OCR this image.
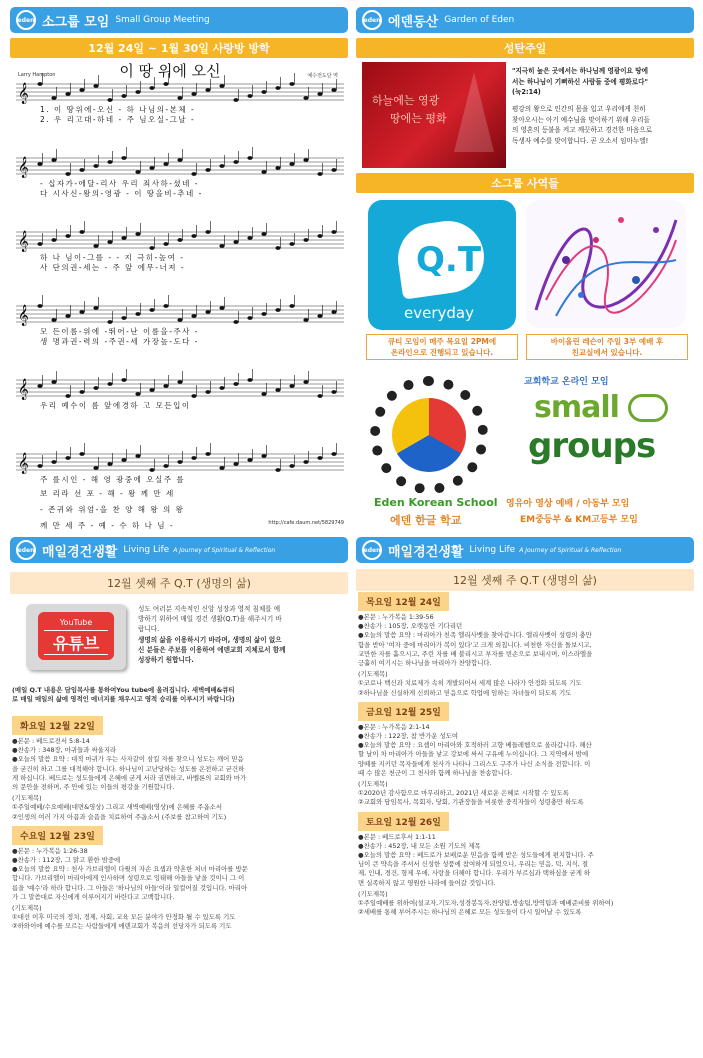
eden 소그룹 모임 Small Group Meeting
12월 24일 ~ 1월 30일 사랑방 방학
이 땅 위에 오신
Larry Hampton	예수전도단 역
𝄞
𝄞
𝄞
𝄞
𝄞
𝄞
1. 이 땅위에-오신 - 하 나님의-본체 -
2. 우 리고대-하네 - 주 님오실-그날 -
- 십자가-에달-리사 우리 죄사하-셨네 -
다 시사신-왕의-영광 - 이 땅을비-추네 -
하 나 님이-그를 - - 지 극히-높여 -
사 단의권-세는 - 주 앞 에무-너져 -
모 든이름-위에 -뛰어-난 이름을-주사 -
생 명과권-력의 -주권-세 가장높-도다 -
우리 예수이 름 앞에경하 고 모든입이
주 를시인 - 해 영 광중에 오실주 를
보 리라 선 포 - 해 - 왕 께 만 세
- 존귀와 위엄-을 찬 양 해 왕 의 왕
께 만 세 주 - 예 - 수 하 나 님 -	http://cafe.daum.net/5829749
eden 매일경건생활 Living Life A Journey of Spiritual & Reflection
12월 셋째 주 Q.T (생명의 삶)
YouTube
유튜브

성도 여러분 지속적인 신앙 성장과 영적 침체를 예

방하기 위하여 매일 경건 생활(Q.T)을 해주시기 바

랍니다.

생명의 삶을 이용하시기 바라며, 생명의 삶이 없으

신 분들은 주보를 이용하여 에덴교회 지체로서 함께

성장하기 원합니다.

(매일 Q.T 내용은 담임목사를 통하여You tube에 올려집니다. 새벽예배&큐티

로 매일 매일의 삶에 영적인 에너지를 채우시고 영적 승리를 이루시기 바랍니다)

화요일 12월 22일

●본문 : 베드로전서 5:8-14

●찬송가 : 348장, 마귀들과 싸울지라

●오늘의 말씀 요약 : 대적 마귀가 우는 사자같이 삼킬 자를 찾으니 성도는 깨어 믿음

을 굳건히 하고 그를 대적해야 합니다. 하나님이 고난당하는 성도를 온전하고 굳건하

게 하십니다. 베드로는 성도들에게 은혜에 굳게 서라 권면하고, 바벨론의 교회와 마가

의 문안을 전하며, 주 안에 있는 이들의 평강을 기원합니다.

(기도제목)

①주일예배/수요예배(대면&영상) 그리고 새벽예배(영상)에 은혜를 주옵소서

②인생의 여러 가지 아픔과 슬픔을 치료하여 주옵소서 (주보를 참고하여 기도)

수요일 12월 23일

●본문 : 누가복음 1:26-38

●찬송가 : 112장, 그 맑고 환한 밤중에

●오늘의 말씀 요약 : 천사 가브리엘이 다윗의 자손 요셉과 약혼한 처녀 마리아를 방문

합니다. 가브리엘이 마리아에게 인사하며 성령으로 잉태해 아들을 낳을 것이니 그 이

름을 '예수'라 하라 합니다. 그 아들은 '하나님의 아들'이라 일컬어질 것입니다. 마리아

가 그 말씀대로 자신에게 이루어지기 바란다고 고백합니다.

(기도제목)

①대선 이후 미국의 정치, 경제, 사회, 교육 모든 분야가 안정화 될 수 있도록 기도

②하와이에 예수를 모르는 사람들에게 에덴교회가 복음의 선당자가 되도록 기도

eden 에덴동산 Garden of Eden
성탄주일
하늘에는 영광
땅에는 평화

"지극히 높은 곳에서는 하나님께 영광이요 땅에

서는 하나님이 기뻐하신 사람들 중에 평화로다"

(눅2:14)

평강의 왕으로 인간의 몸을 입고 우리에게 친히

찾아오시는 아기 예수님을 맞이하기 위해 우리들

의 영혼의 등불을 켜고 깨끗하고 경건한 마음으로

독생자 예수를 맞이합니다. 곧 오소서 임마누엘!

소그룹 사역들
Q.T
everyday
큐티 모임이 매주 목요일 2PM에
온라인으로 진행되고 있습니다.
바이올린 레슨이 주일 3부 예배 후
친교실에서 있습니다.
Eden Korean School
에덴 한글 학교
교회학교 온라인 모임
small
groups
영유아 영상 예배 / 아동부 모임
EM중등부 & KM고등부 모임
eden 매일경건생활 Living Life A Journey of Spiritual & Reflection
12월 셋째 주 Q.T (생명의 삶)
목요일 12월 24일

●본문 : 누가복음 1:39-56

●찬송가 : 105장, 오랫동안 기다리던

●오늘의 말씀 요약 : 마리아가 친족 엘리사벳을 찾아갑니다. 엘리사벳이 성령의 충만

함을 받아 '여자 중에 마리아가 복이 있다'고 크게 외칩니다. 비천한 자신을 돌보시고,

교만한 자를 흩으시고, 주린 자를 배 불리시고 부자를 빈손으로 보내시며, 이스라엘을

긍휼히 여기시는 하나님을 마리아가 찬양합니다.

(기도제목)

①코로나 백신과 치료제가 속히 개발되어서 세계 많은 나라가 안정화 되도록 기도

②하나님을 신실하게 신뢰하고 믿음으로 학업에 임하는 자녀들이 되도록 기도

금요일 12월 25일

●본문 : 누가복음 2:1-14

●찬송가 : 122장, 참 반가운 성도여

●오늘의 말씀 요약 : 요셉이 마리아와 호적하러 고향 베들레헴으로 올라갑니다. 해산

할 날이 차 마리아가 아들을 낳고 강보에 싸서 구유에 누이십니다. 그 지역에서 밤에

양떼를 지키던 목자들에게 천사가 나타나 그리스도 구주가 나신 소식을 전합니다. 이

때 수 많은 천군이 그 천사와 함께 하나님을 찬송합니다.

(기도제목)

①2020년 감사함으로 마무리하고, 2021년 새로운 은혜로 시작할 수 있도록

②교회와 담임목사, 목회자, 당회, 기관장들을 비롯한 중직자들이 성령충만 하도록

토요일 12월 26일

●본문 : 베드로후서 1:1-11

●찬송가 : 452장, 내 모든 소원 기도의 제목

●오늘의 말씀 요약 : 베드로가 보배로운 믿음을 함께 받은 성도들에게 편지합니다. 주

님이 큰 약속을 주셔서 신성한 성품에 참여하게 되었으니, 우리는 믿음, 덕, 지식, 절

제, 인내, 경건, 형제 우애, 사랑을 더해야 합니다. 우리가 부르심과 택하심을 굳게 하

면 실족하지 않고 영원한 나라에 들어갈 것입니다.

(기도제목)

①주일예배를 위하여(설교자,기도자,성경봉독자,찬양팀,방송팀,방역팀과 예배준비를 위하여)

②세배를 통해 부어주시는 하나님의 은혜로 모든 성도들이 다시 일어날 수 있도록
